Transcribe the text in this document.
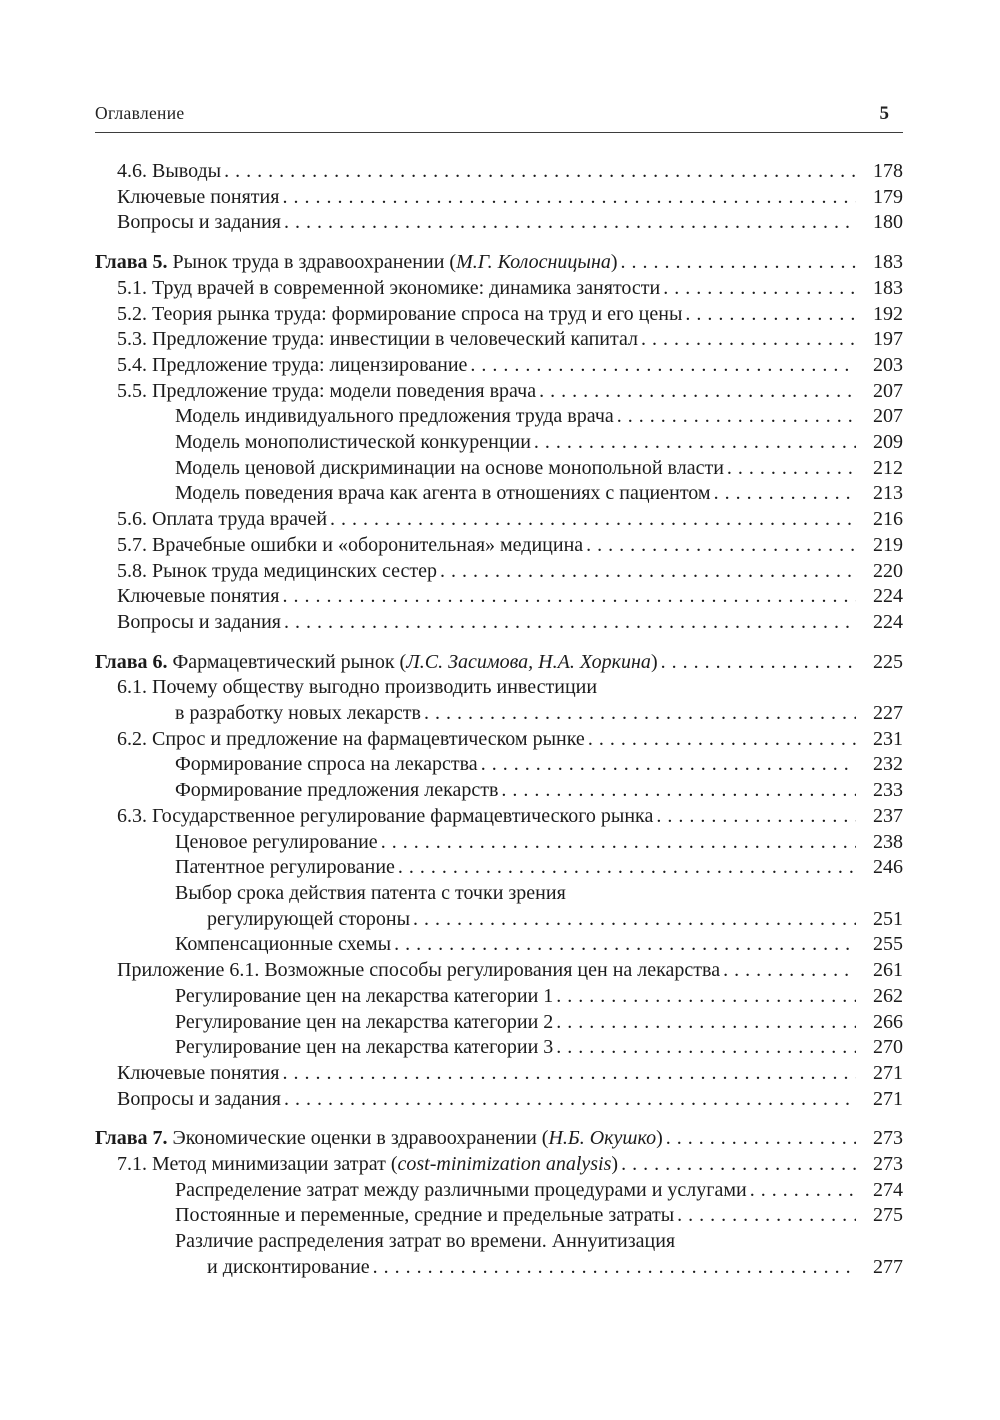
Оглавление	5
4.6. Выводы . . .	178
Ключевые понятия . . .	179
Вопросы и задания . . .	180
Глава 5. Рынок труда в здравоохранении (М.Г. Колосницына) . . .	183
5.1. Труд врачей в современной экономике: динамика занятости . . .	183
5.2. Теория рынка труда: формирование спроса на труд и его цены . . .	192
5.3. Предложение труда: инвестиции в человеческий капитал . . .	197
5.4. Предложение труда: лицензирование . . .	203
5.5. Предложение труда: модели поведения врача . . .	207
Модель индивидуального предложения труда врача . . .	207
Модель монополистической конкуренции . . .	209
Модель ценовой дискриминации на основе монопольной власти . . .	212
Модель поведения врача как агента в отношениях с пациентом . . .	213
5.6. Оплата труда врачей . . .	216
5.7. Врачебные ошибки и «оборонительная» медицина . . .	219
5.8. Рынок труда медицинских сестер . . .	220
Ключевые понятия . . .	224
Вопросы и задания . . .	224
Глава 6. Фармацевтический рынок (Л.С. Засимова, Н.А. Хоркина) . . .	225
6.1. Почему обществу выгодно производить инвестиции
в разработку новых лекарств . . .	227
6.2. Спрос и предложение на фармацевтическом рынке . . .	231
Формирование спроса на лекарства . . .	232
Формирование предложения лекарств . . .	233
6.3. Государственное регулирование фармацевтического рынка . . .	237
Ценовое регулирование . . .	238
Патентное регулирование . . .	246
Выбор срока действия патента с точки зрения
регулирующей стороны . . .	251
Компенсационные схемы . . .	255
Приложение 6.1. Возможные способы регулирования цен на лекарства . . .	261
Регулирование цен на лекарства категории 1 . . .	262
Регулирование цен на лекарства категории 2 . . .	266
Регулирование цен на лекарства категории 3 . . .	270
Ключевые понятия . . .	271
Вопросы и задания . . .	271
Глава 7. Экономические оценки в здравоохранении (Н.Б. Окушко) . . .	273
7.1. Метод минимизации затрат (cost-minimization analysis) . . .	273
Распределение затрат между различными процедурами и услугами . . .	274
Постоянные и переменные, средние и предельные затраты . . .	275
Различие распределения затрат во времени. Аннуитизация
и дисконтирование . . .	277
